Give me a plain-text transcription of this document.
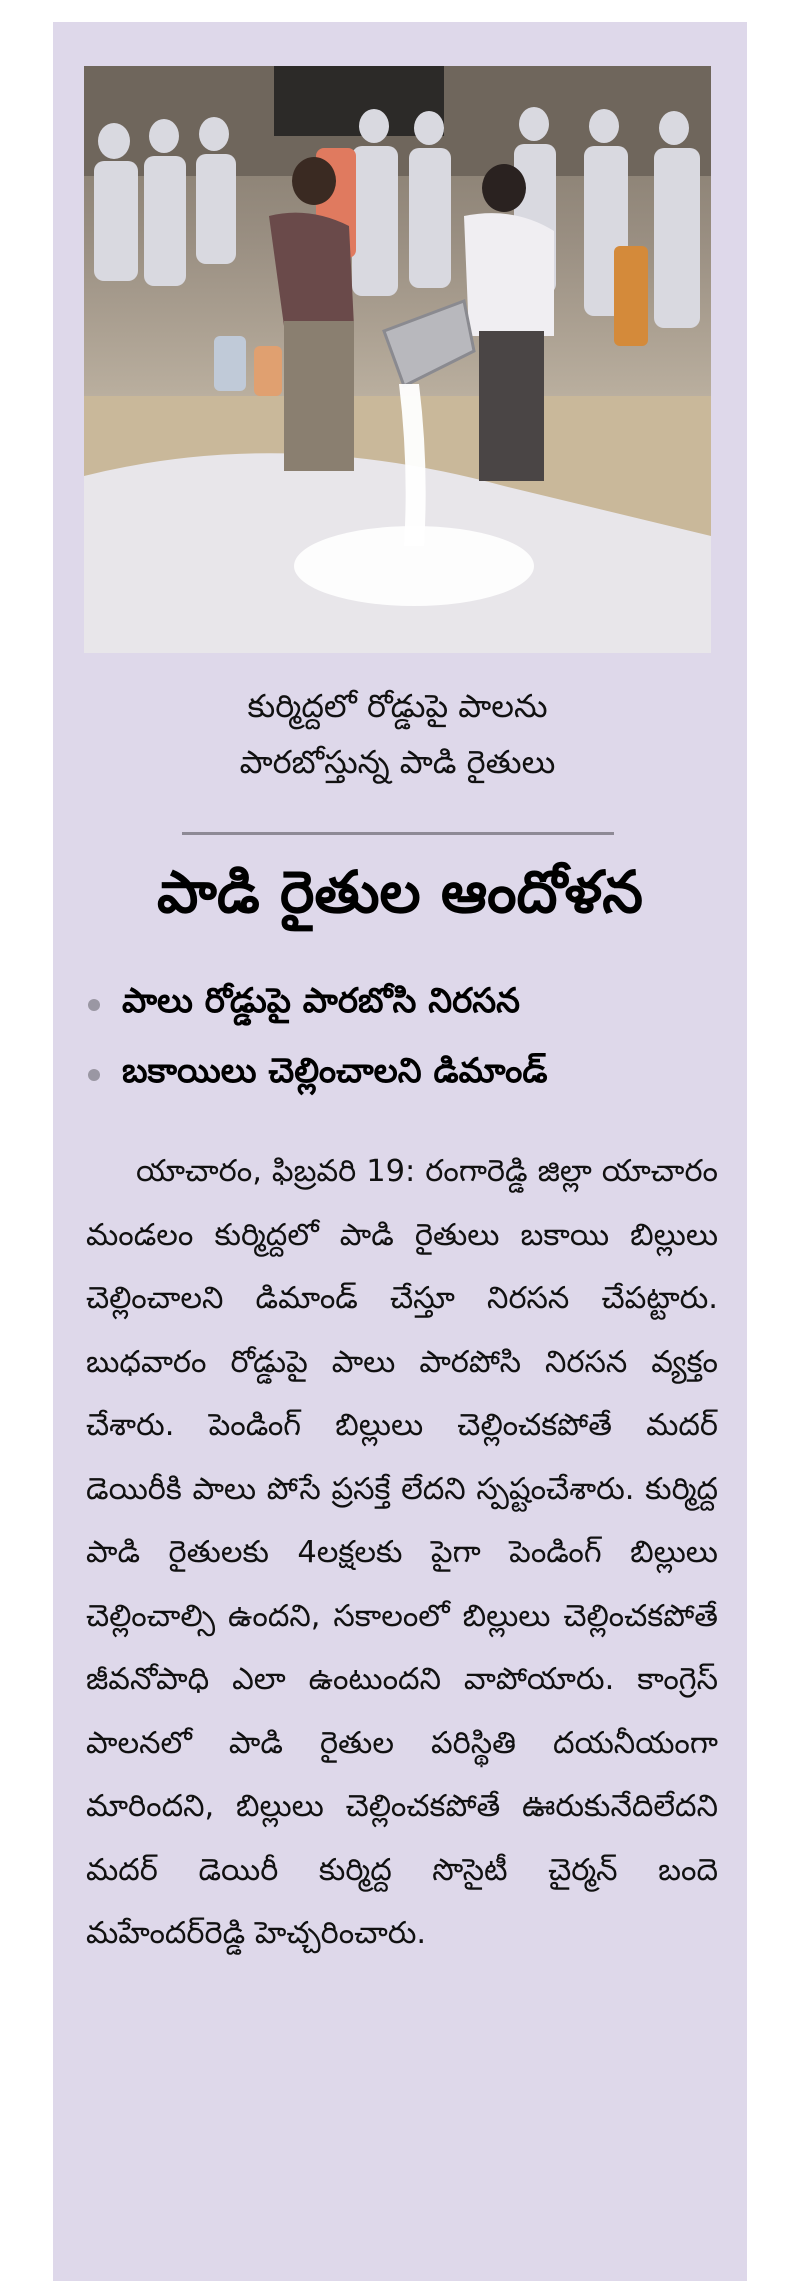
కుర్మిద్దలో రోడ్డుపై పాలను
పారబోస్తున్న పాడి రైతులు
పాడి రైతుల ఆందోళన
పాలు రోడ్డుపై పారబోసి నిరసన
బకాయిలు చెల్లించాలని డిమాండ్
యాచారం, ఫిబ్రవరి 19: రంగారెడ్డి జిల్లా యాచారం మండలం కుర్మిద్దలో పాడి రైతులు బకాయి బిల్లులు చెల్లించాలని డిమాండ్ చేస్తూ నిరసన చేపట్టారు. బుధవారం రోడ్డుపై పాలు పారపోసి నిరసన వ్యక్తం చేశారు. పెండింగ్ బిల్లులు చెల్లించకపోతే మదర్ డెయిరీకి పాలు పోసే ప్రసక్తే లేదని స్పష్టంచేశారు. కుర్మిద్ద పాడి రైతులకు 4లక్షలకు పైగా పెండింగ్ బిల్లులు చెల్లించాల్సి ఉందని, సకాలంలో బిల్లులు చెల్లించకపోతే జీవనోపాధి ఎలా ఉంటుందని వాపోయారు. కాంగ్రెస్ పాలనలో పాడి రైతుల పరిస్థితి దయనీయంగా మారిందని, బిల్లులు చెల్లించకపోతే ఊరుకునేదిలేదని మదర్ డెయిరీ కుర్మిద్ద సొసైటీ చైర్మన్ బందె మహేందర్‌రెడ్డి హెచ్చరించారు.
